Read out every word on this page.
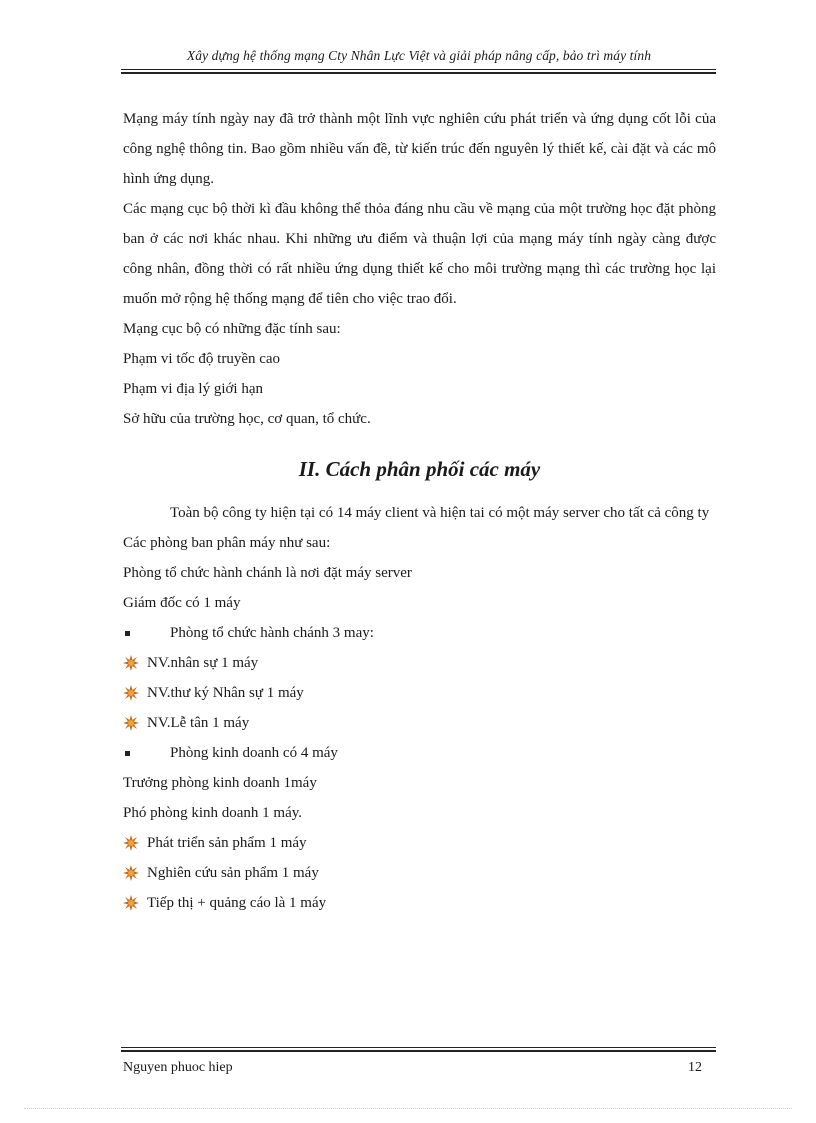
Xây dựng hệ thống mạng Cty Nhân Lực Việt và giải pháp nâng cấp, bảo trì máy tính

Mạng máy tính ngày nay đã trở thành một lĩnh vực nghiên cứu phát triển và ứng dụng cốt lỗi của công nghệ thông tin. Bao gồm nhiều vấn đề, từ kiến trúc đến nguyên lý thiết kế, cài đặt và các mô hình ứng dụng.

Các mạng cục bộ thời kì đầu không thể thỏa đáng nhu cầu về mạng của một trường học đặt phòng ban ở các nơi khác nhau. Khi những ưu điểm và thuận lợi của mạng máy tính ngày càng được công nhân, đồng thời có rất nhiều ứng dụng thiết kế cho môi trường mạng thì các trường học lại muốn mở rộng hệ thống mạng để tiên cho việc trao đổi.

Mạng cục bộ có những đặc tính sau:

Phạm vi tốc độ truyền cao

Phạm vi địa lý giới hạn

Sở hữu của trường học, cơ quan, tổ chức.

II. Cách phân phối các máy

Toàn bộ công ty hiện tại có 14 máy client và hiện tai có một máy server cho tất cả công ty

Các phòng ban phân máy như sau:

Phòng tổ chức hành chánh là nơi đặt máy server

Giám đốc có 1 máy

Phòng tổ chức hành chánh 3 may:
NV.nhân sự 1 máy
NV.thư ký Nhân sự 1 máy
NV.Lễ tân 1 máy
Phòng kinh doanh có 4 máy

Trưởng phòng kinh doanh 1máy

Phó phòng kinh doanh 1 máy.

Phát triển sản phẩm 1 máy
Nghiên cứu sản phẩm 1 máy
Tiếp thị + quảng cáo là 1 máy
Nguyen phuoc hiep	12
